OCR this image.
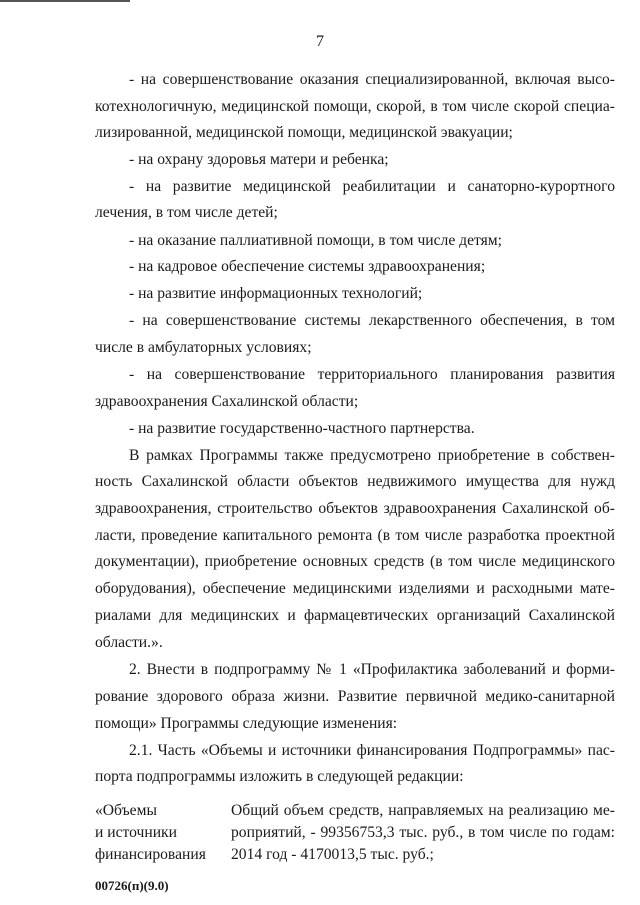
7
- на совершенствование оказания специализированной, включая высо-
котехнологичную, медицинской помощи, скорой, в том числе скорой специа-
лизированной, медицинской помощи, медицинской эвакуации;
- на охрану здоровья матери и ребенка;
- на развитие медицинской реабилитации и санаторно-курортного
лечения, в том числе детей;
- на оказание паллиативной помощи, в том числе детям;
- на кадровое обеспечение системы здравоохранения;
- на развитие информационных технологий;
- на совершенствование системы лекарственного обеспечения, в том
числе в амбулаторных условиях;
- на совершенствование территориального планирования развития
здравоохранения Сахалинской области;
- на развитие государственно-частного партнерства.
В рамках Программы также предусмотрено приобретение в собствен-
ность Сахалинской области объектов недвижимого имущества для нужд
здравоохранения, строительство объектов здравоохранения Сахалинской об-
ласти, проведение капитального ремонта (в том числе разработка проектной
документации), приобретение основных средств (в том числе медицинского
оборудования), обеспечение медицинскими изделиями и расходными мате-
риалами для медицинских и фармацевтических организаций Сахалинской
области.».
2. Внести в подпрограмму № 1 «Профилактика заболеваний и форми-
рование здорового образа жизни. Развитие первичной медико-санитарной
помощи» Программы следующие изменения:
2.1. Часть «Объемы и источники финансирования Подпрограммы» пас-
порта подпрограммы изложить в следующей редакции:
«Объемы
и источники
финансирования
Общий объем средств, направляемых на реализацию ме-
роприятий, - 99356753,3 тыс. руб., в том числе по годам:
2014 год - 4170013,5 тыс. руб.;
00726(п)(9.0)
